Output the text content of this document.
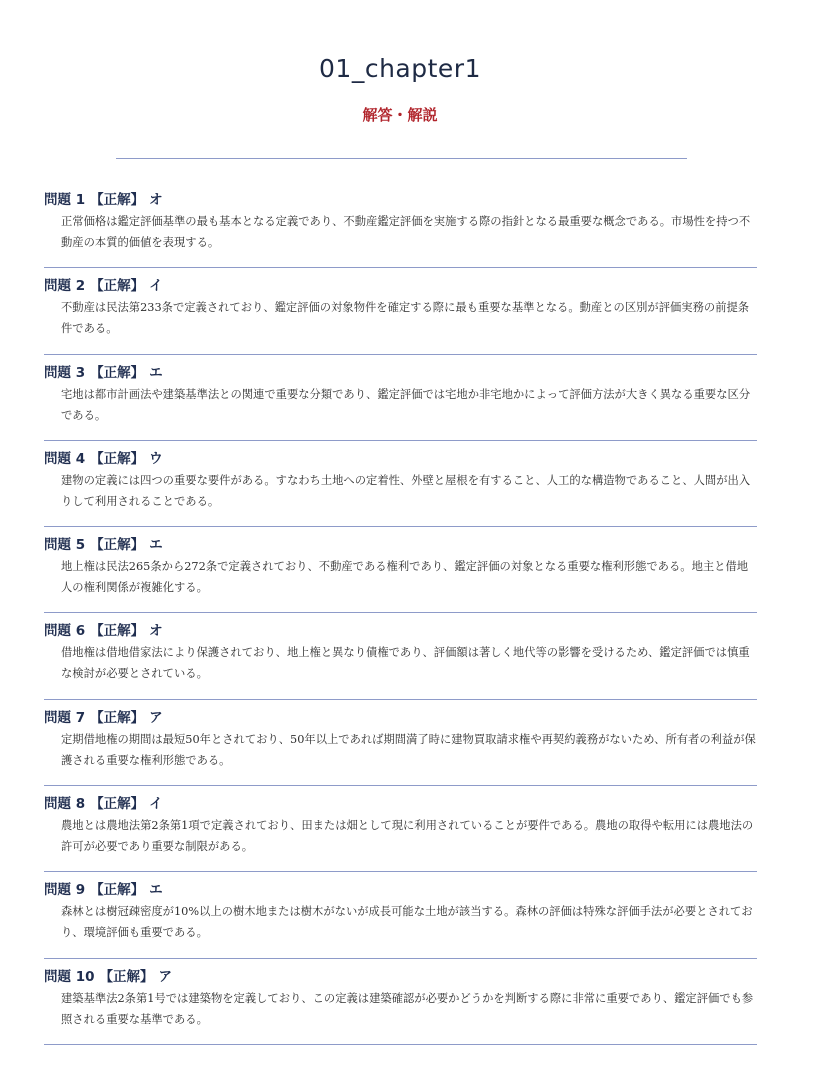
01_chapter1
解答・解説
問題 1 【正解】 オ
正常価格は鑑定評価基準の最も基本となる定義であり、不動産鑑定評価を実施する際の指針となる最重要な概念である。市場性を持つ不動産の本質的価値を表現する。
問題 2 【正解】 イ
不動産は民法第233条で定義されており、鑑定評価の対象物件を確定する際に最も重要な基準となる。動産との区別が評価実務の前提条件である。
問題 3 【正解】 エ
宅地は都市計画法や建築基準法との関連で重要な分類であり、鑑定評価では宅地か非宅地かによって評価方法が大きく異なる重要な区分である。
問題 4 【正解】 ウ
建物の定義には四つの重要な要件がある。すなわち土地への定着性、外壁と屋根を有すること、人工的な構造物であること、人間が出入りして利用されることである。
問題 5 【正解】 エ
地上権は民法265条から272条で定義されており、不動産である権利であり、鑑定評価の対象となる重要な権利形態である。地主と借地人の権利関係が複雑化する。
問題 6 【正解】 オ
借地権は借地借家法により保護されており、地上権と異なり債権であり、評価額は著しく地代等の影響を受けるため、鑑定評価では慎重な検討が必要とされている。
問題 7 【正解】 ア
定期借地権の期間は最短50年とされており、50年以上であれば期間満了時に建物買取請求権や再契約義務がないため、所有者の利益が保護される重要な権利形態である。
問題 8 【正解】 イ
農地とは農地法第2条第1項で定義されており、田または畑として現に利用されていることが要件である。農地の取得や転用には農地法の許可が必要であり重要な制限がある。
問題 9 【正解】 エ
森林とは樹冠疎密度が10%以上の樹木地または樹木がないが成長可能な土地が該当する。森林の評価は特殊な評価手法が必要とされており、環境評価も重要である。
問題 10 【正解】 ア
建築基準法2条第1号では建築物を定義しており、この定義は建築確認が必要かどうかを判断する際に非常に重要であり、鑑定評価でも参照される重要な基準である。
